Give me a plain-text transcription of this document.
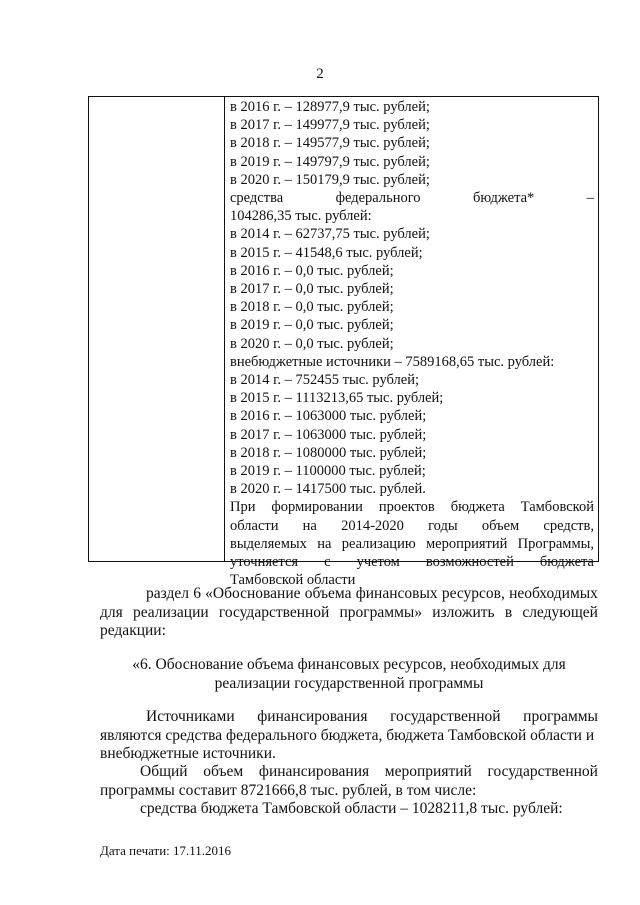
2
в 2016 г. – 128977,9 тыс. рублей;
в 2017 г. – 149977,9 тыс. рублей;
в 2018 г. – 149577,9 тыс. рублей;
в 2019 г. – 149797,9 тыс. рублей;
в 2020 г. – 150179,9 тыс. рублей;
средства	федерального	бюджета*	–
104286,35 тыс. рублей:
в 2014 г. – 62737,75 тыс. рублей;
в 2015 г. – 41548,6 тыс. рублей;
в 2016 г. – 0,0 тыс. рублей;
в 2017 г. – 0,0 тыс. рублей;
в 2018 г. – 0,0 тыс. рублей;
в 2019 г. – 0,0 тыс. рублей;
в 2020 г. – 0,0 тыс. рублей;
внебюджетные источники – 7589168,65 тыс. рублей:
в 2014 г. – 752455 тыс. рублей;
в 2015 г. – 1113213,65 тыс. рублей;
в 2016 г. – 1063000 тыс. рублей;
в 2017 г. – 1063000 тыс. рублей;
в 2018 г. – 1080000 тыс. рублей;
в 2019 г. – 1100000 тыс. рублей;
в 2020 г. – 1417500 тыс. рублей.
При формировании проектов бюджета Тамбовской
области на 2014-2020 годы объем средств,
выделяемых на реализацию мероприятий Программы,
уточняется с учетом возможностей бюджета
Тамбовской области
раздел 6 «Обоснование объема финансовых ресурсов, необходимых
для реализации государственной программы» изложить в следующей
редакции:
«6. Обоснование объема финансовых ресурсов, необходимых для
реализации государственной программы
Источниками финансирования государственной программы
являются средства федерального бюджета, бюджета Тамбовской области и
внебюджетные источники.
Общий объем финансирования мероприятий государственной
программы составит 8721666,8 тыс. рублей, в том числе:
средства бюджета Тамбовской области – 1028211,8 тыс. рублей:
Дата печати: 17.11.2016
